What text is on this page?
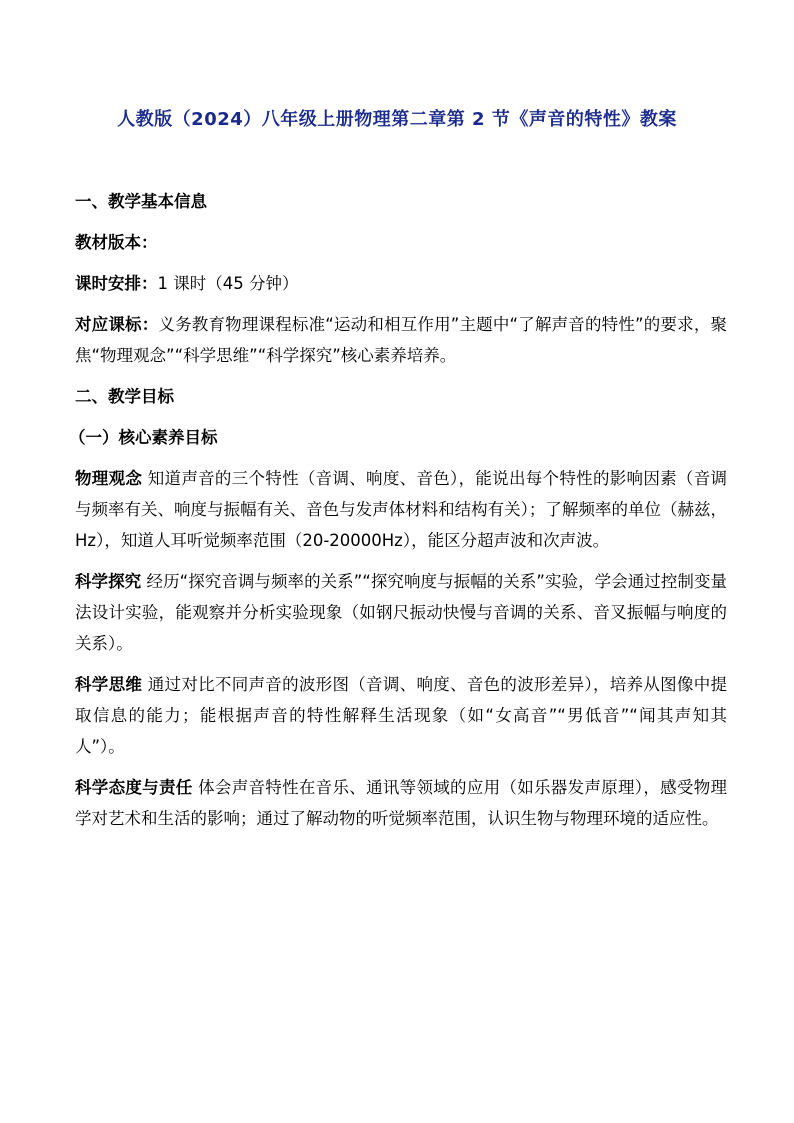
人教版（2024）八年级上册物理第二章第 2 节《声音的特性》教案
一、教学基本信息
教材版本：
课时安排：1 课时（45 分钟）
对应课标：义务教育物理课程标准“运动和相互作用”主题中“了解声音的特性”的要求，聚焦“物理观念”“科学思维”“科学探究”核心素养培养。
二、教学目标
（一）核心素养目标
物理观念 知道声音的三个特性（音调、响度、音色），能说出每个特性的影响因素（音调与频率有关、响度与振幅有关、音色与发声体材料和结构有关）；了解频率的单位（赫兹，Hz），知道人耳听觉频率范围（20-20000Hz），能区分超声波和次声波。
科学探究 经历“探究音调与频率的关系”“探究响度与振幅的关系”实验，学会通过控制变量法设计实验，能观察并分析实验现象（如钢尺振动快慢与音调的关系、音叉振幅与响度的关系）。
科学思维 通过对比不同声音的波形图（音调、响度、音色的波形差异），培养从图像中提取信息的能力；能根据声音的特性解释生活现象（如“女高音”“男低音”“闻其声知其人”）。
科学态度与责任 体会声音特性在音乐、通讯等领域的应用（如乐器发声原理），感受物理学对艺术和生活的影响；通过了解动物的听觉频率范围，认识生物与物理环境的适应性。
